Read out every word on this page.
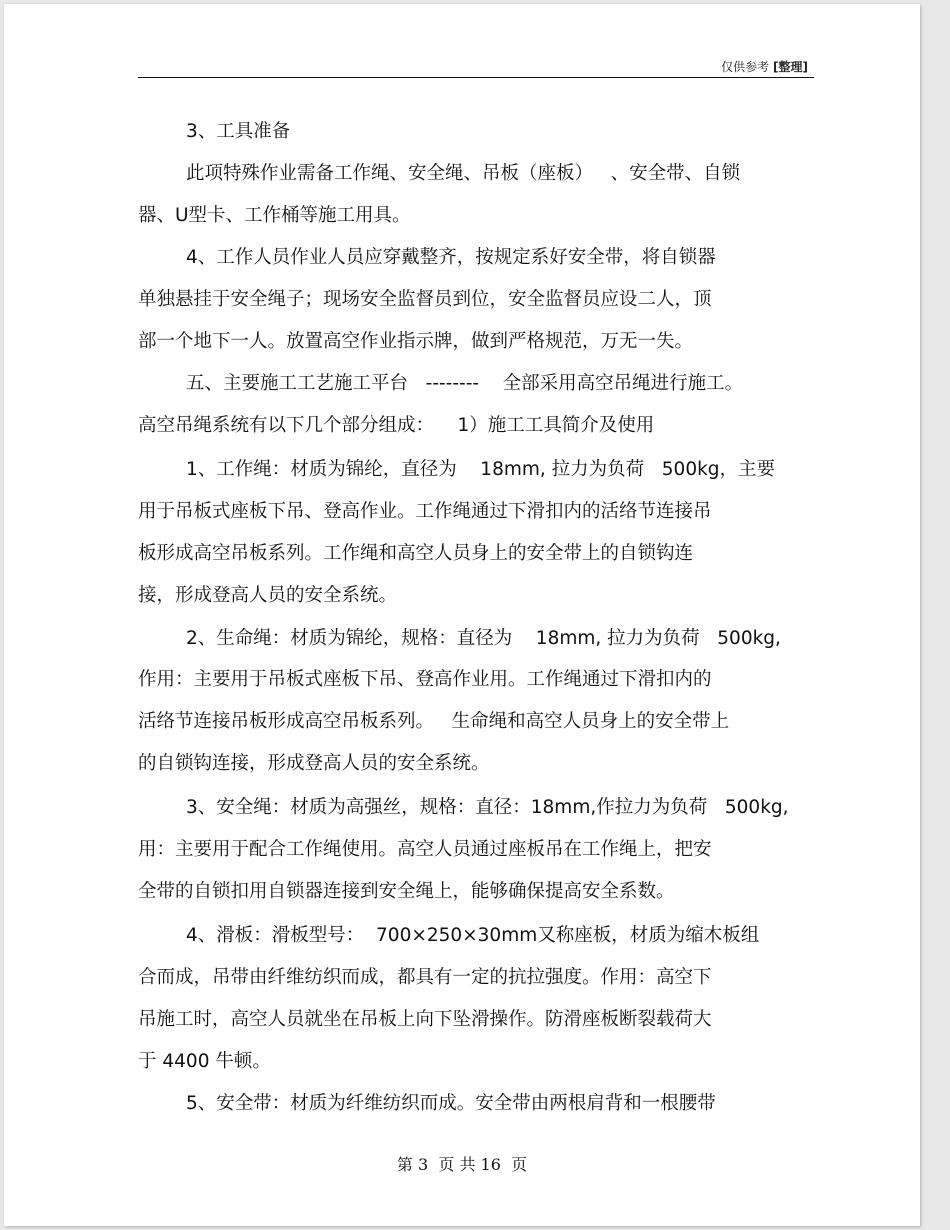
仅供参考 [整理]
3、工具准备
此项特殊作业需备工作绳、安全绳、吊板（座板）   、安全带、自锁
器、U型卡、工作桶等施工用具。
4、工作人员作业人员应穿戴整齐，按规定系好安全带，将自锁器
单独悬挂于安全绳子；现场安全监督员到位，安全监督员应设二人，顶
部一个地下一人。放置高空作业指示牌，做到严格规范，万无一失。
五、主要施工工艺施工平台   --------    全部采用高空吊绳进行施工。
高空吊绳系统有以下几个部分组成：    1）施工工具简介及使用
1、工作绳：材质为锦纶，直径为    18mm, 拉力为负荷   500kg，主要
用于吊板式座板下吊、登高作业。工作绳通过下滑扣内的活络节连接吊
板形成高空吊板系列。工作绳和高空人员身上的安全带上的自锁钩连
接，形成登高人员的安全系统。
2、生命绳：材质为锦纶，规格：直径为    18mm, 拉力为负荷   500kg,
作用：主要用于吊板式座板下吊、登高作业用。工作绳通过下滑扣内的
活络节连接吊板形成高空吊板系列。   生命绳和高空人员身上的安全带上
的自锁钩连接，形成登高人员的安全系统。
3、安全绳：材质为高强丝，规格：直径：18mm,作拉力为负荷   500kg,
用：主要用于配合工作绳使用。高空人员通过座板吊在工作绳上，把安
全带的自锁扣用自锁器连接到安全绳上，能够确保提高安全系数。
4、滑板：滑板型号：  700×250×30mm又称座板，材质为缩木板组
合而成，吊带由纤维纺织而成，都具有一定的抗拉强度。作用：高空下
吊施工时，高空人员就坐在吊板上向下坠滑操作。防滑座板断裂载荷大
于 4400 牛顿。
5、安全带：材质为纤维纺织而成。安全带由两根肩背和一根腰带
第 3  页 共 16  页
